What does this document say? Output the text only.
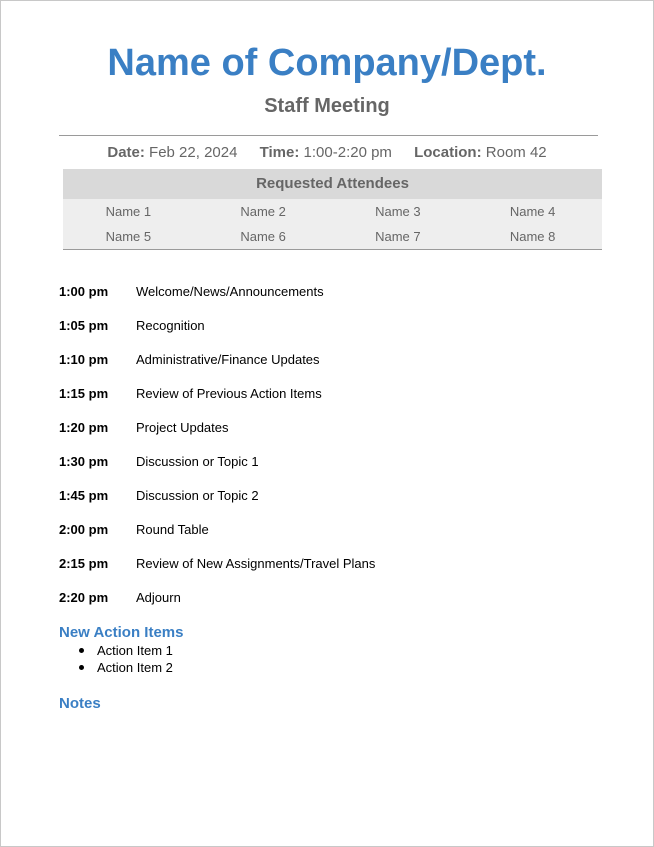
Name of Company/Dept.
Staff Meeting
Date: Feb 22, 2024 Time: 1:00-2:20 pm Location: Room 42
Requested Attendees
Name 1	Name 2	Name 3	Name 4
Name 5	Name 6	Name 7	Name 8
1:00 pm	Welcome/News/Announcements
1:05 pm	Recognition
1:10 pm	Administrative/Finance Updates
1:15 pm	Review of Previous Action Items
1:20 pm	Project Updates
1:30 pm	Discussion or Topic 1
1:45 pm	Discussion or Topic 2
2:00 pm	Round Table
2:15 pm	Review of New Assignments/Travel Plans
2:20 pm	Adjourn
New Action Items
Action Item 1
Action Item 2
Notes
